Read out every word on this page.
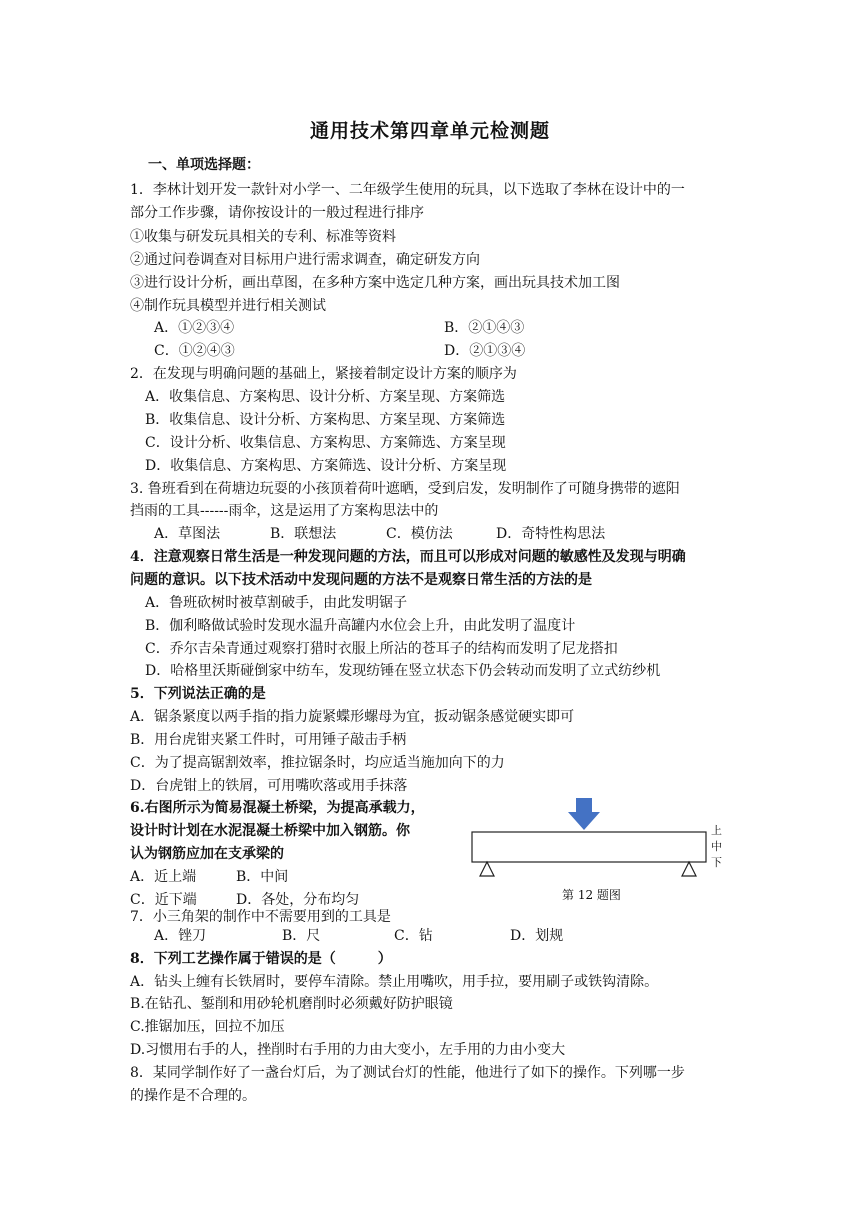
通用技术第四章单元检测题
一、单项选择题：
1．李林计划开发一款针对小学一、二年级学生使用的玩具，以下选取了李林在设计中的一
部分工作步骤，请你按设计的一般过程进行排序
①收集与研发玩具相关的专利、标准等资料
②通过问卷调查对目标用户进行需求调查，确定研发方向
③进行设计分析，画出草图，在多种方案中选定几种方案，画出玩具技术加工图
④制作玩具模型并进行相关测试
A．①②③④	B．②①④③
C．①②④③	D．②①③④
2．在发现与明确问题的基础上，紧接着制定设计方案的顺序为
A．收集信息、方案构思、设计分析、方案呈现、方案筛选
B．收集信息、设计分析、方案构思、方案呈现、方案筛选
C．设计分析、收集信息、方案构思、方案筛选、方案呈现
D．收集信息、方案构思、方案筛选、设计分析、方案呈现
3. 鲁班看到在荷塘边玩耍的小孩顶着荷叶遮晒，受到启发，发明制作了可随身携带的遮阳
挡雨的工具------雨伞，这是运用了方案构思法中的
A．草图法	B．联想法	C．模仿法	D．奇特性构思法
4．注意观察日常生活是一种发现问题的方法，而且可以形成对问题的敏感性及发现与明确
问题的意识。以下技术活动中发现问题的方法不是观察日常生活的方法的是
A．鲁班砍树时被草割破手，由此发明锯子
B．伽利略做试验时发现水温升高罐内水位会上升，由此发明了温度计
C．乔尔吉朵青通过观察打猎时衣服上所沾的苍耳子的结构而发明了尼龙搭扣
D．哈格里沃斯碰倒家中纺车，发现纺锤在竖立状态下仍会转动而发明了立式纺纱机
5．下列说法正确的是
A．锯条紧度以两手指的指力旋紧蝶形螺母为宜，扳动锯条感觉硬实即可
B．用台虎钳夹紧工件时，可用锤子敲击手柄
C．为了提高锯割效率，推拉锯条时，均应适当施加向下的力
D．台虎钳上的铁屑，可用嘴吹落或用手抹落
6.右图所示为简易混凝土桥梁，为提高承载力，
设计时计划在水泥混凝土桥梁中加入钢筋。你
认为钢筋应加在支承梁的
A．近上端	B．中间
C．近下端	D．各处，分布均匀
上
中
下
第 12 题图
7．小三角架的制作中不需要用到的工具是
A．锉刀	B．尺	C．钻	D．划规
8．下列工艺操作属于错误的是（　　　）
A．钻头上缠有长铁屑时，要停车清除。禁止用嘴吹，用手拉，要用刷子或铁钩清除。
B.在钻孔、錾削和用砂轮机磨削时必须戴好防护眼镜
C.推锯加压，回拉不加压
D.习惯用右手的人，挫削时右手用的力由大变小，左手用的力由小变大
8．某同学制作好了一盏台灯后，为了测试台灯的性能，他进行了如下的操作。下列哪一步
的操作是不合理的。
